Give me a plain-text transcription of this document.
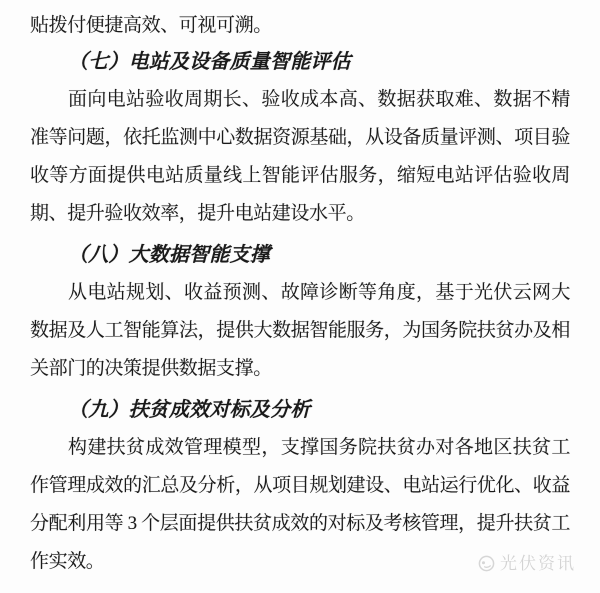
贴拨付便捷高效、可视可溯。

（七）电站及设备质量智能评估

面向电站验收周期长、验收成本高、数据获取难、数据不精准等问题，依托监测中心数据资源基础，从设备质量评测、项目验收等方面提供电站质量线上智能评估服务，缩短电站评估验收周期、提升验收效率，提升电站建设水平。

（八）大数据智能支撑

从电站规划、收益预测、故障诊断等角度，基于光伏云网大数据及人工智能算法，提供大数据智能服务，为国务院扶贫办及相关部门的决策提供数据支撑。

（九）扶贫成效对标及分析

构建扶贫成效管理模型，支撑国务院扶贫办对各地区扶贫工作管理成效的汇总及分析，从项目规划建设、电站运行优化、收益分配利用等 3 个层面提供扶贫成效的对标及考核管理，提升扶贫工作实效。	光伏资讯
